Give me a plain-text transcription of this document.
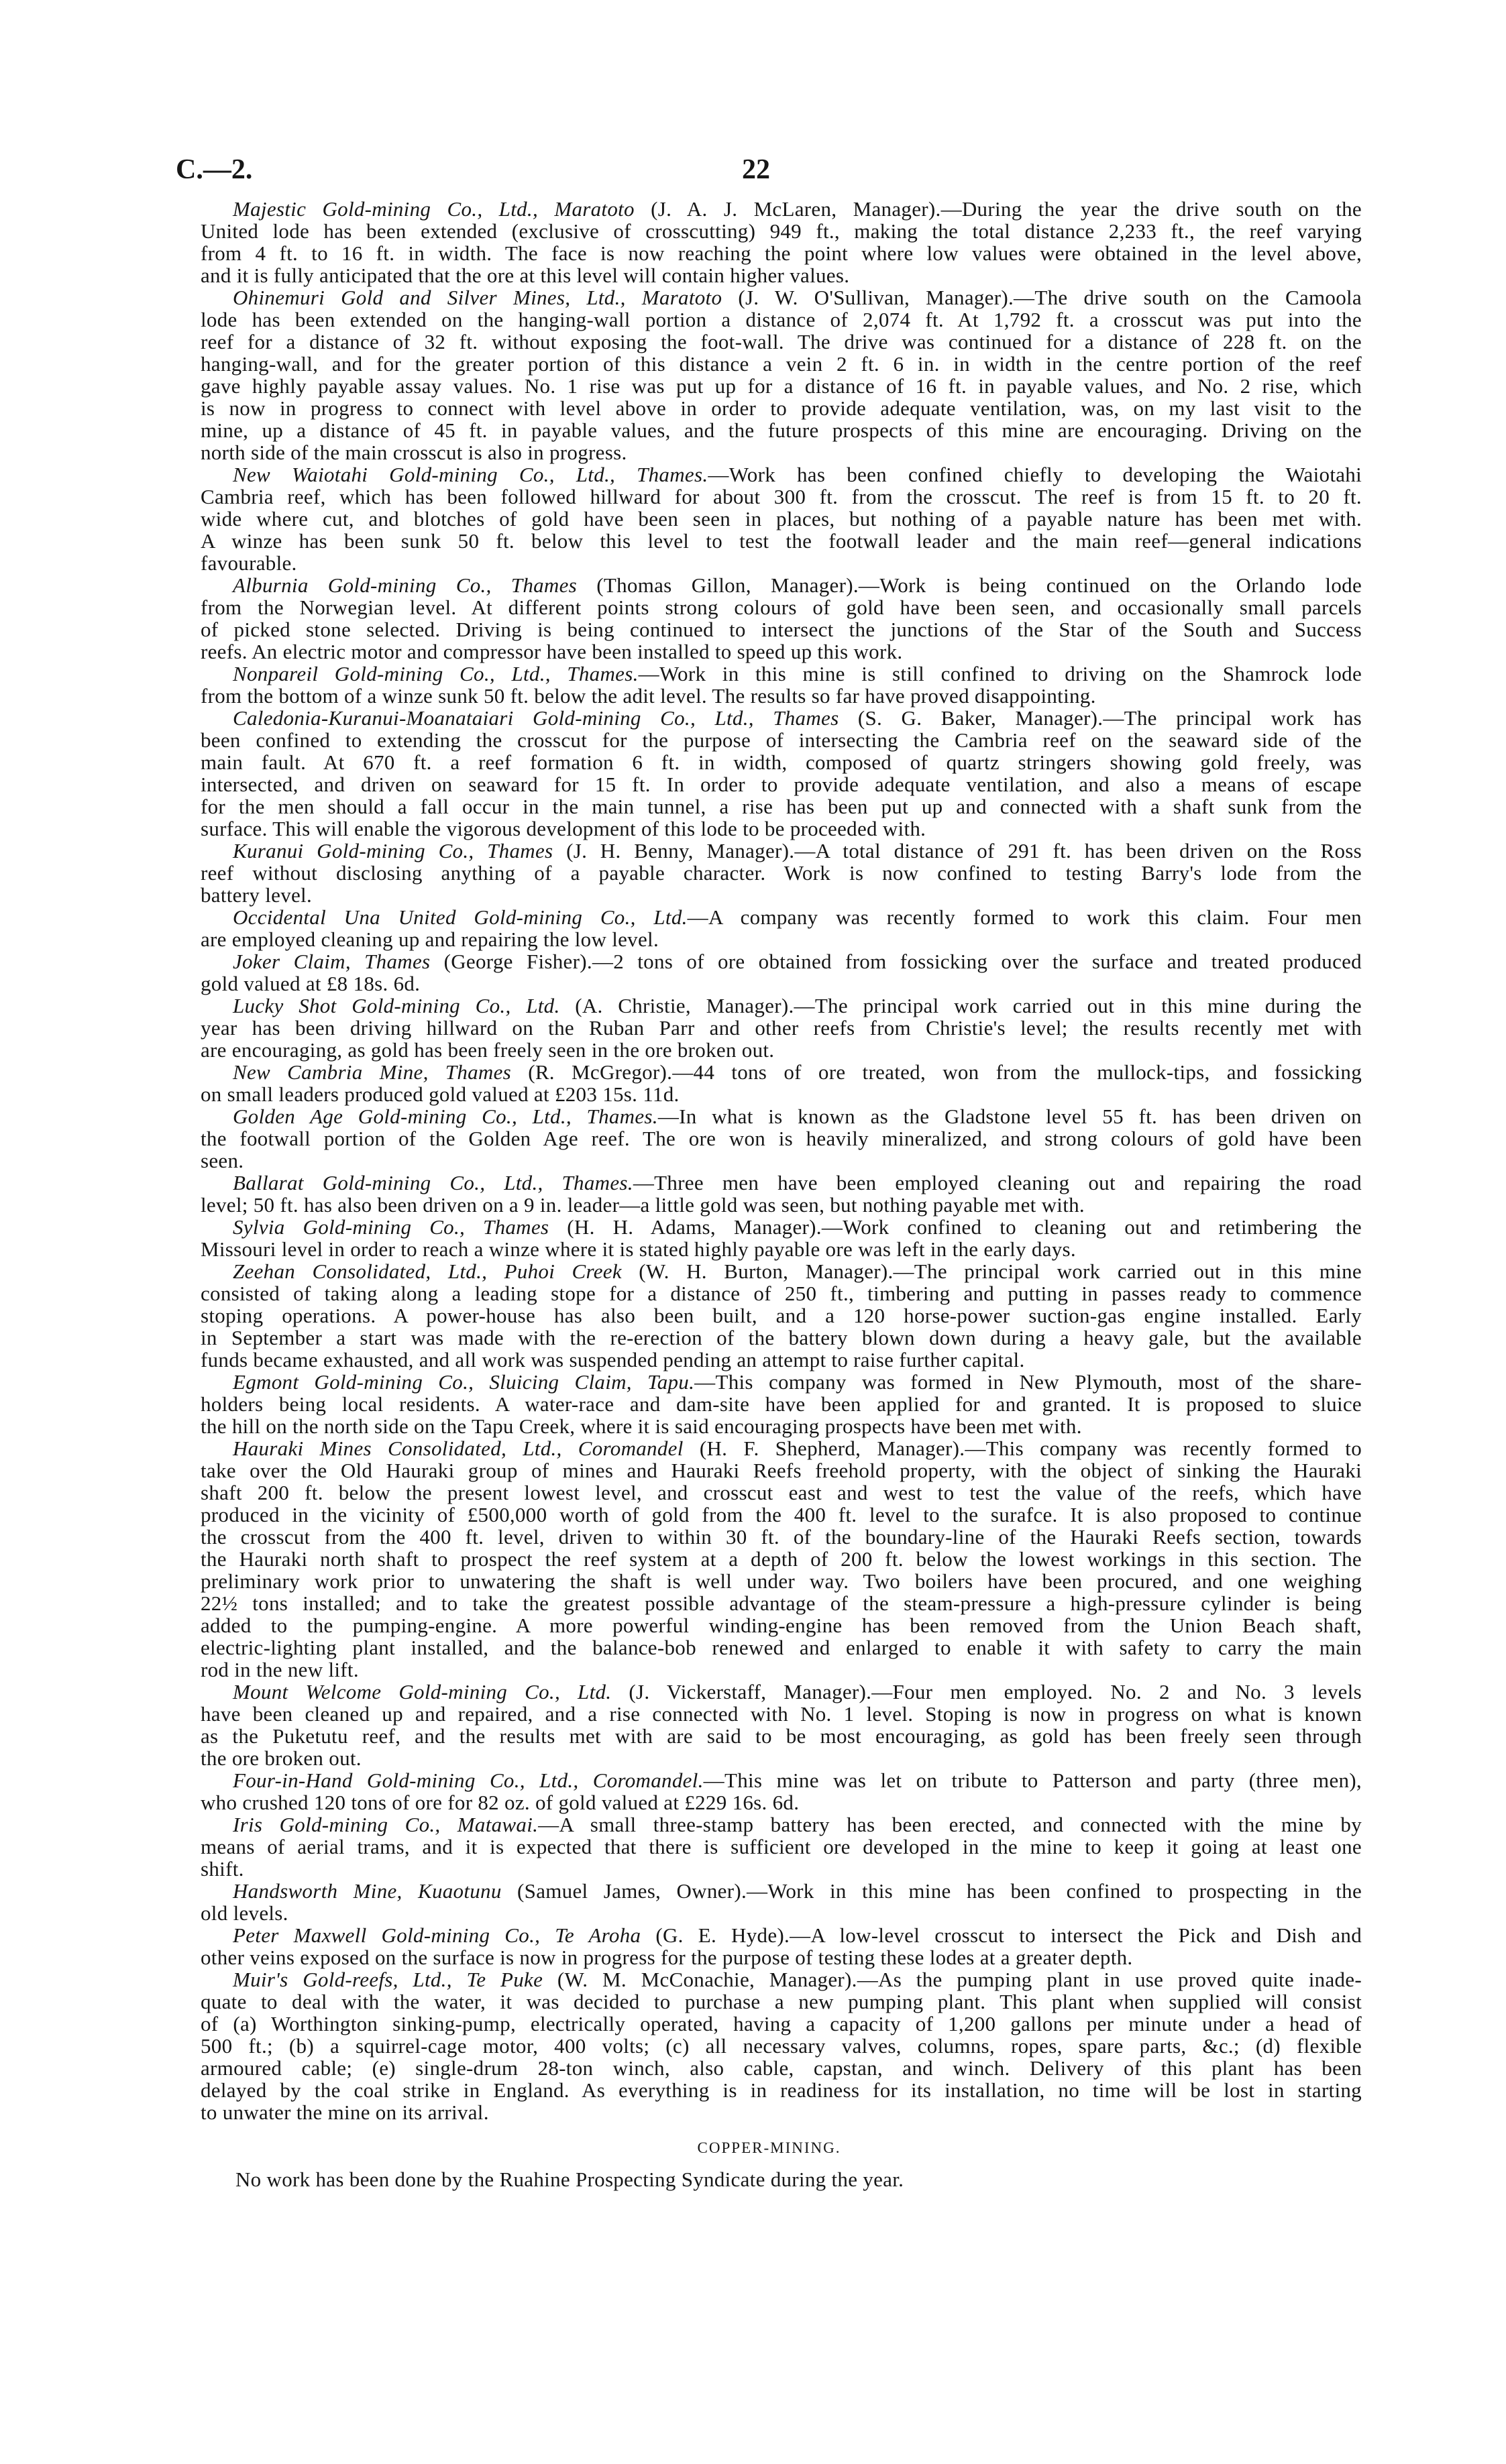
C.—2.	22
Majestic Gold-mining Co., Ltd., Maratoto (J. A. J. McLaren, Manager).—During the year the drive south on the
United lode has been extended (exclusive of crosscutting) 949 ft., making the total distance 2,233 ft., the reef varying
from 4 ft. to 16 ft. in width. The face is now reaching the point where low values were obtained in the level above,
and it is fully anticipated that the ore at this level will contain higher values.
Ohinemuri Gold and Silver Mines, Ltd., Maratoto (J. W. O'Sullivan, Manager).—The drive south on the Camoola
lode has been extended on the hanging-wall portion a distance of 2,074 ft. At 1,792 ft. a crosscut was put into the
reef for a distance of 32 ft. without exposing the foot-wall. The drive was continued for a distance of 228 ft. on the
hanging-wall, and for the greater portion of this distance a vein 2 ft. 6 in. in width in the centre portion of the reef
gave highly payable assay values. No. 1 rise was put up for a distance of 16 ft. in payable values, and No. 2 rise, which
is now in progress to connect with level above in order to provide adequate ventilation, was, on my last visit to the
mine, up a distance of 45 ft. in payable values, and the future prospects of this mine are encouraging. Driving on the
north side of the main crosscut is also in progress.
New Waiotahi Gold-mining Co., Ltd., Thames.—Work has been confined chiefly to developing the Waiotahi
Cambria reef, which has been followed hillward for about 300 ft. from the crosscut. The reef is from 15 ft. to 20 ft.
wide where cut, and blotches of gold have been seen in places, but nothing of a payable nature has been met with.
A winze has been sunk 50 ft. below this level to test the footwall leader and the main reef—general indications
favourable.
Alburnia Gold-mining Co., Thames (Thomas Gillon, Manager).—Work is being continued on the Orlando lode
from the Norwegian level. At different points strong colours of gold have been seen, and occasionally small parcels
of picked stone selected. Driving is being continued to intersect the junctions of the Star of the South and Success
reefs. An electric motor and compressor have been installed to speed up this work.
Nonpareil Gold-mining Co., Ltd., Thames.—Work in this mine is still confined to driving on the Shamrock lode
from the bottom of a winze sunk 50 ft. below the adit level. The results so far have proved disappointing.
Caledonia-Kuranui-Moanataiari Gold-mining Co., Ltd., Thames (S. G. Baker, Manager).—The principal work has
been confined to extending the crosscut for the purpose of intersecting the Cambria reef on the seaward side of the
main fault. At 670 ft. a reef formation 6 ft. in width, composed of quartz stringers showing gold freely, was
intersected, and driven on seaward for 15 ft. In order to provide adequate ventilation, and also a means of escape
for the men should a fall occur in the main tunnel, a rise has been put up and connected with a shaft sunk from the
surface. This will enable the vigorous development of this lode to be proceeded with.
Kuranui Gold-mining Co., Thames (J. H. Benny, Manager).—A total distance of 291 ft. has been driven on the Ross
reef without disclosing anything of a payable character. Work is now confined to testing Barry's lode from the
battery level.
Occidental Una United Gold-mining Co., Ltd.—A company was recently formed to work this claim. Four men
are employed cleaning up and repairing the low level.
Joker Claim, Thames (George Fisher).—2 tons of ore obtained from fossicking over the surface and treated produced
gold valued at £8 18s. 6d.
Lucky Shot Gold-mining Co., Ltd. (A. Christie, Manager).—The principal work carried out in this mine during the
year has been driving hillward on the Ruban Parr and other reefs from Christie's level; the results recently met with
are encouraging, as gold has been freely seen in the ore broken out.
New Cambria Mine, Thames (R. McGregor).—44 tons of ore treated, won from the mullock-tips, and fossicking
on small leaders produced gold valued at £203 15s. 11d.
Golden Age Gold-mining Co., Ltd., Thames.—In what is known as the Gladstone level 55 ft. has been driven on
the footwall portion of the Golden Age reef. The ore won is heavily mineralized, and strong colours of gold have been
seen.
Ballarat Gold-mining Co., Ltd., Thames.—Three men have been employed cleaning out and repairing the road
level; 50 ft. has also been driven on a 9 in. leader—a little gold was seen, but nothing payable met with.
Sylvia Gold-mining Co., Thames (H. H. Adams, Manager).—Work confined to cleaning out and retimbering the
Missouri level in order to reach a winze where it is stated highly payable ore was left in the early days.
Zeehan Consolidated, Ltd., Puhoi Creek (W. H. Burton, Manager).—The principal work carried out in this mine
consisted of taking along a leading stope for a distance of 250 ft., timbering and putting in passes ready to commence
stoping operations. A power-house has also been built, and a 120 horse-power suction-gas engine installed. Early
in September a start was made with the re-erection of the battery blown down during a heavy gale, but the available
funds became exhausted, and all work was suspended pending an attempt to raise further capital.
Egmont Gold-mining Co., Sluicing Claim, Tapu.—This company was formed in New Plymouth, most of the share-
holders being local residents. A water-race and dam-site have been applied for and granted. It is proposed to sluice
the hill on the north side on the Tapu Creek, where it is said encouraging prospects have been met with.
Hauraki Mines Consolidated, Ltd., Coromandel (H. F. Shepherd, Manager).—This company was recently formed to
take over the Old Hauraki group of mines and Hauraki Reefs freehold property, with the object of sinking the Hauraki
shaft 200 ft. below the present lowest level, and crosscut east and west to test the value of the reefs, which have
produced in the vicinity of £500,000 worth of gold from the 400 ft. level to the surafce. It is also proposed to continue
the crosscut from the 400 ft. level, driven to within 30 ft. of the boundary-line of the Hauraki Reefs section, towards
the Hauraki north shaft to prospect the reef system at a depth of 200 ft. below the lowest workings in this section. The
preliminary work prior to unwatering the shaft is well under way. Two boilers have been procured, and one weighing
22½ tons installed; and to take the greatest possible advantage of the steam-pressure a high-pressure cylinder is being
added to the pumping-engine. A more powerful winding-engine has been removed from the Union Beach shaft,
electric-lighting plant installed, and the balance-bob renewed and enlarged to enable it with safety to carry the main
rod in the new lift.
Mount Welcome Gold-mining Co., Ltd. (J. Vickerstaff, Manager).—Four men employed. No. 2 and No. 3 levels
have been cleaned up and repaired, and a rise connected with No. 1 level. Stoping is now in progress on what is known
as the Puketutu reef, and the results met with are said to be most encouraging, as gold has been freely seen through
the ore broken out.
Four-in-Hand Gold-mining Co., Ltd., Coromandel.—This mine was let on tribute to Patterson and party (three men),
who crushed 120 tons of ore for 82 oz. of gold valued at £229 16s. 6d.
Iris Gold-mining Co., Matawai.—A small three-stamp battery has been erected, and connected with the mine by
means of aerial trams, and it is expected that there is sufficient ore developed in the mine to keep it going at least one
shift.
Handsworth Mine, Kuaotunu (Samuel James, Owner).—Work in this mine has been confined to prospecting in the
old levels.
Peter Maxwell Gold-mining Co., Te Aroha (G. E. Hyde).—A low-level crosscut to intersect the Pick and Dish and
other veins exposed on the surface is now in progress for the purpose of testing these lodes at a greater depth.
Muir's Gold-reefs, Ltd., Te Puke (W. M. McConachie, Manager).—As the pumping plant in use proved quite inade-
quate to deal with the water, it was decided to purchase a new pumping plant. This plant when supplied will consist
of (a) Worthington sinking-pump, electrically operated, having a capacity of 1,200 gallons per minute under a head of
500 ft.; (b) a squirrel-cage motor, 400 volts; (c) all necessary valves, columns, ropes, spare parts, &c.; (d) flexible
armoured cable; (e) single-drum 28-ton winch, also cable, capstan, and winch. Delivery of this plant has been
delayed by the coal strike in England. As everything is in readiness for its installation, no time will be lost in starting
to unwater the mine on its arrival.
COPPER-MINING.
No work has been done by the Ruahine Prospecting Syndicate during the year.
